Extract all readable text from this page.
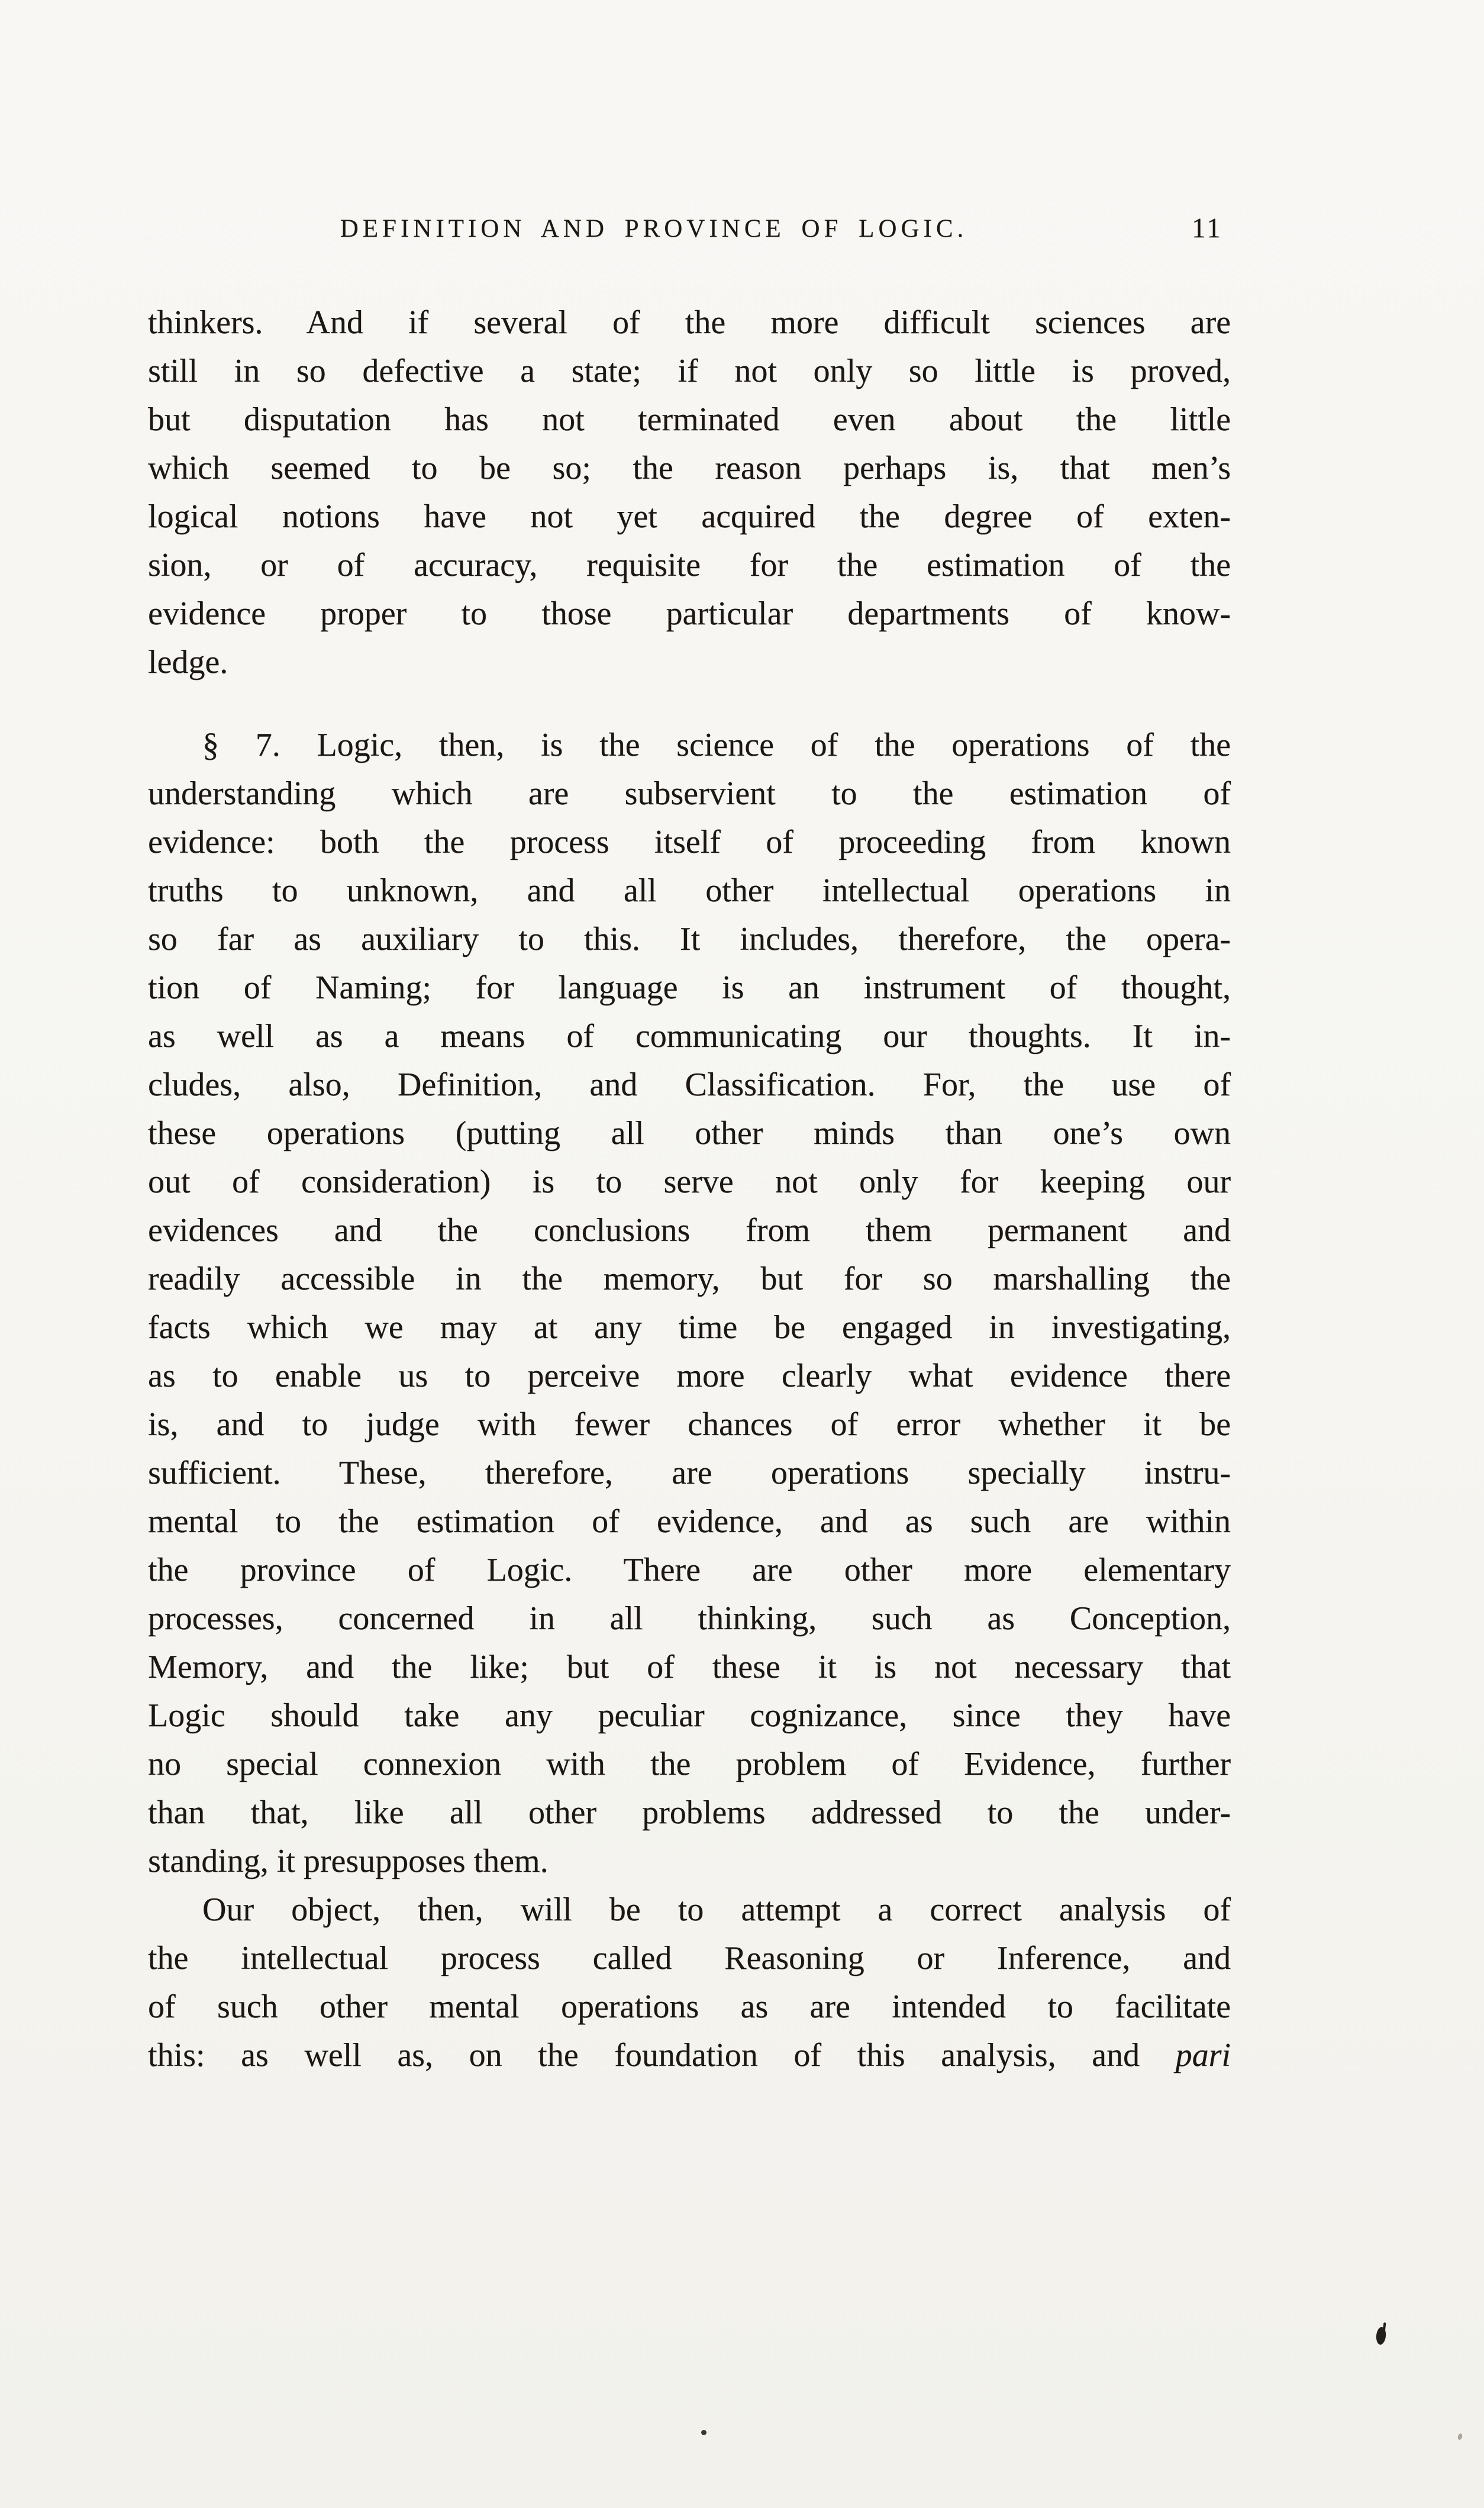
DEFINITION AND PROVINCE OF LOGIC.	11
thinkers. And if several of the more difficult sciences are
still in so defective a state; if not only so little is proved,
but disputation has not terminated even about the little
which seemed to be so; the reason perhaps is, that men’s
logical notions have not yet acquired the degree of exten-
sion, or of accuracy, requisite for the estimation of the
evidence proper to those particular departments of know-
ledge.
§ 7. Logic, then, is the science of the operations of the
understanding which are subservient to the estimation of
evidence: both the process itself of proceeding from known
truths to unknown, and all other intellectual operations in
so far as auxiliary to this. It includes, therefore, the opera-
tion of Naming; for language is an instrument of thought,
as well as a means of communicating our thoughts. It in-
cludes, also, Definition, and Classification. For, the use of
these operations (putting all other minds than one’s own
out of consideration) is to serve not only for keeping our
evidences and the conclusions from them permanent and
readily accessible in the memory, but for so marshalling the
facts which we may at any time be engaged in investigating,
as to enable us to perceive more clearly what evidence there
is, and to judge with fewer chances of error whether it be
sufficient. These, therefore, are operations specially instru-
mental to the estimation of evidence, and as such are within
the province of Logic. There are other more elementary
processes, concerned in all thinking, such as Conception,
Memory, and the like; but of these it is not necessary that
Logic should take any peculiar cognizance, since they have
no special connexion with the problem of Evidence, further
than that, like all other problems addressed to the under-
standing, it presupposes them.
Our object, then, will be to attempt a correct analysis of
the intellectual process called Reasoning or Inference, and
of such other mental operations as are intended to facilitate
this: as well as, on the foundation of this analysis, and pari
